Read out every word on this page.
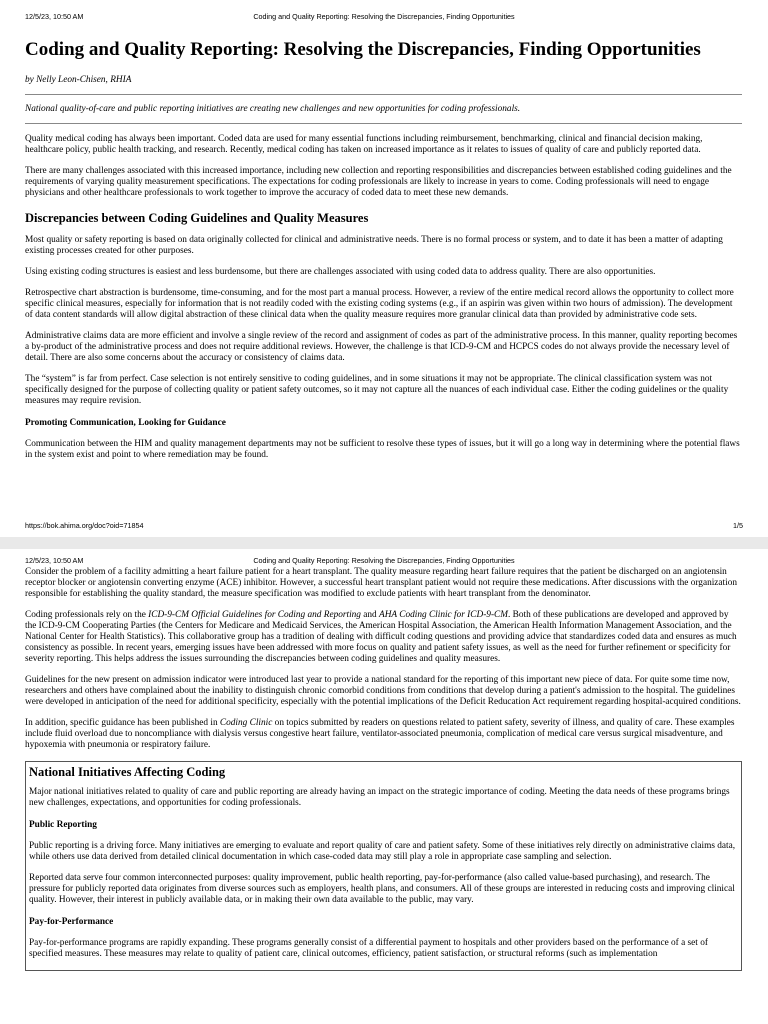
12/5/23, 10:50 AM	Coding and Quality Reporting: Resolving the Discrepancies, Finding Opportunities
Coding and Quality Reporting: Resolving the Discrepancies, Finding Opportunities
by Nelly Leon-Chisen, RHIA
National quality-of-care and public reporting initiatives are creating new challenges and new opportunities for coding professionals.

Quality medical coding has always been important. Coded data are used for many essential functions including reimbursement, benchmarking, clinical and financial decision making, healthcare policy, public health tracking, and research. Recently, medical coding has taken on increased importance as it relates to issues of quality of care and publicly reported data.

There are many challenges associated with this increased importance, including new collection and reporting responsibilities and discrepancies between established coding guidelines and the requirements of varying quality measurement specifications. The expectations for coding professionals are likely to increase in years to come. Coding professionals will need to engage physicians and other healthcare professionals to work together to improve the accuracy of coded data to meet these new demands.

Discrepancies between Coding Guidelines and Quality Measures

Most quality or safety reporting is based on data originally collected for clinical and administrative needs. There is no formal process or system, and to date it has been a matter of adapting existing processes created for other purposes.

Using existing coding structures is easiest and less burdensome, but there are challenges associated with using coded data to address quality. There are also opportunities.

Retrospective chart abstraction is burdensome, time-consuming, and for the most part a manual process. However, a review of the entire medical record allows the opportunity to collect more specific clinical measures, especially for information that is not readily coded with the existing coding systems (e.g., if an aspirin was given within two hours of admission). The development of data content standards will allow digital abstraction of these clinical data when the quality measure requires more granular clinical data than provided by administrative code sets.

Administrative claims data are more efficient and involve a single review of the record and assignment of codes as part of the administrative process. In this manner, quality reporting becomes a by-product of the administrative process and does not require additional reviews. However, the challenge is that ICD-9-CM and HCPCS codes do not always provide the necessary level of detail. There are also some concerns about the accuracy or consistency of claims data.

The “system” is far from perfect. Case selection is not entirely sensitive to coding guidelines, and in some situations it may not be appropriate. The clinical classification system was not specifically designed for the purpose of collecting quality or patient safety outcomes, so it may not capture all the nuances of each individual case. Either the coding guidelines or the quality measures may require revision.

Promoting Communication, Looking for Guidance

Communication between the HIM and quality management departments may not be sufficient to resolve these types of issues, but it will go a long way in determining where the potential flaws in the system exist and point to where remediation may be found.

https://bok.ahima.org/doc?oid=71854	1/5
12/5/23, 10:50 AM	Coding and Quality Reporting: Resolving the Discrepancies, Finding Opportunities

Consider the problem of a facility admitting a heart failure patient for a heart transplant. The quality measure regarding heart failure requires that the patient be discharged on an angiotensin receptor blocker or angiotensin converting enzyme (ACE) inhibitor. However, a successful heart transplant patient would not require these medications. After discussions with the organization responsible for establishing the quality standard, the measure specification was modified to exclude patients with heart transplant from the denominator.

Coding professionals rely on the ICD-9-CM Official Guidelines for Coding and Reporting and AHA Coding Clinic for ICD-9-CM. Both of these publications are developed and approved by the ICD-9-CM Cooperating Parties (the Centers for Medicare and Medicaid Services, the American Hospital Association, the American Health Information Management Association, and the National Center for Health Statistics). This collaborative group has a tradition of dealing with difficult coding questions and providing advice that standardizes coded data and ensures as much consistency as possible. In recent years, emerging issues have been addressed with more focus on quality and patient safety issues, as well as the need for further refinement or specificity for severity reporting. This helps address the issues surrounding the discrepancies between coding guidelines and quality measures.

Guidelines for the new present on admission indicator were introduced last year to provide a national standard for the reporting of this important new piece of data. For quite some time now, researchers and others have complained about the inability to distinguish chronic comorbid conditions from conditions that develop during a patient's admission to the hospital. The guidelines were developed in anticipation of the need for additional specificity, especially with the potential implications of the Deficit Reducation Act requirement regarding hospital-acquired conditions.

In addition, specific guidance has been published in Coding Clinic on topics submitted by readers on questions related to patient safety, severity of illness, and quality of care. These examples include fluid overload due to noncompliance with dialysis versus congestive heart failure, ventilator-associated pneumonia, complication of medical care versus surgical misadventure, and hypoxemia with pneumonia or respiratory failure.

National Initiatives Affecting Coding

Major national initiatives related to quality of care and public reporting are already having an impact on the strategic importance of coding. Meeting the data needs of these programs brings new challenges, expectations, and opportunities for coding professionals.

Public Reporting

Public reporting is a driving force. Many initiatives are emerging to evaluate and report quality of care and patient safety. Some of these initiatives rely directly on administrative claims data, while others use data derived from detailed clinical documentation in which case-coded data may still play a role in appropriate case sampling and selection.

Reported data serve four common interconnected purposes: quality improvement, public health reporting, pay-for-performance (also called value-based purchasing), and research. The pressure for publicly reported data originates from diverse sources such as employers, health plans, and consumers. All of these groups are interested in reducing costs and improving clinical quality. However, their interest in publicly available data, or in making their own data available to the public, may vary.

Pay-for-Performance

Pay-for-performance programs are rapidly expanding. These programs generally consist of a differential payment to hospitals and other providers based on the performance of a set of specified measures. These measures may relate to quality of patient care, clinical outcomes, efficiency, patient satisfaction, or structural reforms (such as implementation
